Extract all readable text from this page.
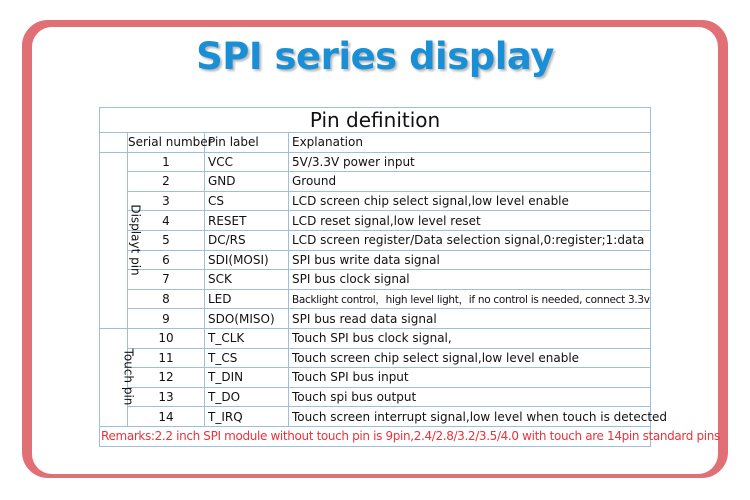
SPI series display
Pin definition			
	Serial number	Pin label	Explanation
Displayt pin	1	VCC	5V/3.3V power input
	2	GND	Ground
	3	CS	LCD screen chip select signal,low level enable
	4	RESET	LCD reset signal,low level reset
	5	DC/RS	LCD screen register/Data selection signal,0:register;1:data
	6	SDI(MOSI)	SPI bus write data signal
	7	SCK	SPI bus clock signal
	8	LED	Backlight control，high level light，if no control is needed, connect 3.3v
	9	SDO(MISO)	SPI bus read data signal
Touch pin	10	T_CLK	Touch SPI bus clock signal,
	11	T_CS	Touch screen chip select signal,low level enable
	12	T_DIN	Touch SPI bus input
	13	T_DO	Touch spi bus output
	14	T_IRQ	Touch screen interrupt signal,low level when touch is detected
Remarks:2.2 inch SPI module without touch pin is 9pin,2.4/2.8/3.2/3.5/4.0 with touch are 14pin standard pins			
